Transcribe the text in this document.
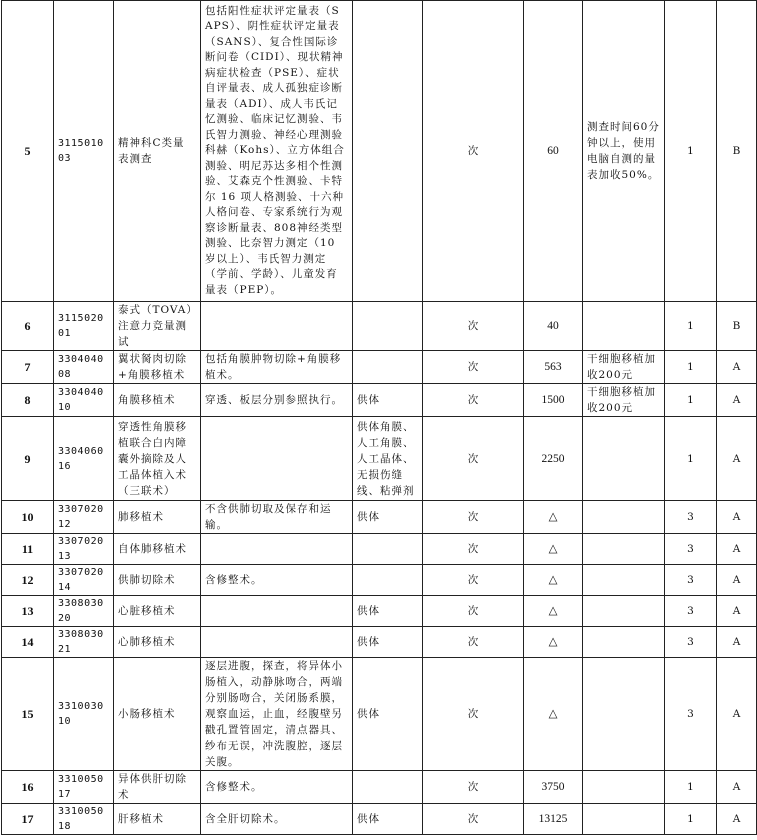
5	311501003	精神科C类量表测查	包括阳性症状评定量表（SAPS）、阴性症状评定量表（SANS）、复合性国际诊断问卷（CIDI）、现状精神病症状检查（PSE）、症状自评量表、成人孤独症诊断量表（ADI）、成人韦氏记忆测验、临床记忆测验、韦氏智力测验、神经心理测验科赫（Kohs）、立方体组合测验、明尼苏达多相个性测验、艾森克个性测验、卡特尔 16 项人格测验、十六种人格问卷、专家系统行为观察诊断量表、808神经类型测验、比奈智力测定（10 岁以上）、韦氏智力测定（学前、学龄）、儿童发育量表（PEP）。		次	60	测查时间60分钟以上，使用电脑自测的量表加收50%。	1	B
6	311502001	泰式（TOVA）注意力竞量测试			次	40		1	B
7	330404008	翼状胬肉切除+角膜移植术	包括角膜肿物切除+角膜移植术。		次	563	干细胞移植加收200元	1	A
8	330404010	角膜移植术	穿透、板层分别参照执行。	供体	次	1500	干细胞移植加收200元	1	A
9	330406016	穿透性角膜移植联合白内障囊外摘除及人工晶体植入术（三联术）		供体角膜、人工角膜、人工晶体、无损伤缝线、粘弹剂	次	2250		1	A
10	330702012	肺移植术	不含供肺切取及保存和运输。	供体	次	△		3	A
11	330702013	自体肺移植术			次	△		3	A
12	330702014	供肺切除术	含修整术。		次	△		3	A
13	330803020	心脏移植术		供体	次	△		3	A
14	330803021	心肺移植术		供体	次	△		3	A
15	331003010	小肠移植术	逐层进腹，探查，将异体小肠植入，动静脉吻合，两端分别肠吻合，关闭肠系膜，观察血运，止血，经腹壁另戳孔置管固定，清点器具、纱布无误，冲洗腹腔，逐层关腹。	供体	次	△		3	A
16	331005017	异体供肝切除术	含修整术。		次	3750		1	A
17	331005018	肝移植术	含全肝切除术。	供体	次	13125		1	A
